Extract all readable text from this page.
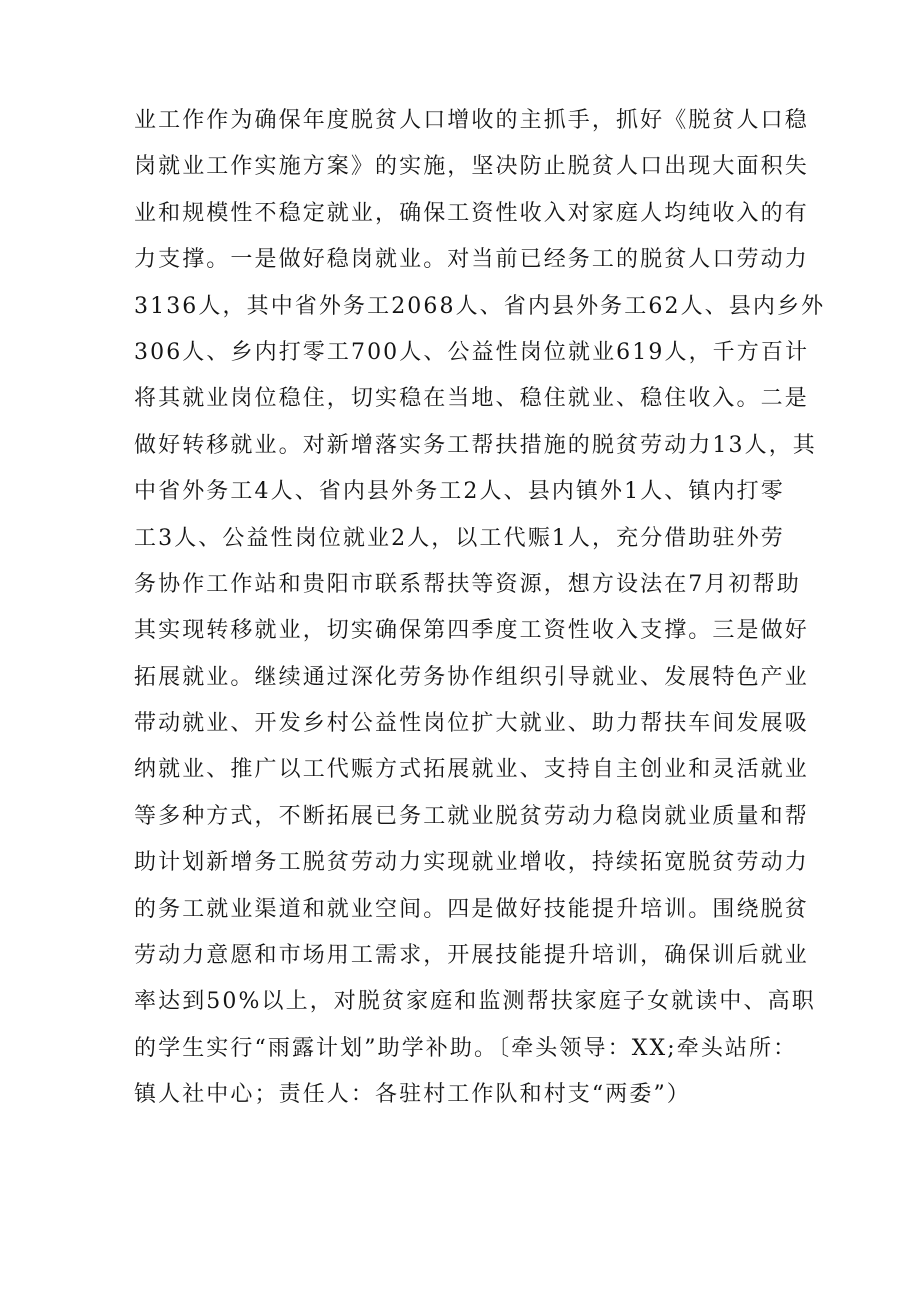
业工作作为确保年度脱贫人口增收的主抓手，抓好《脱贫人口稳
岗就业工作实施方案》的实施，坚决防止脱贫人口出现大面积失
业和规模性不稳定就业，确保工资性收入对家庭人均纯收入的有
力支撑。一是做好稳岗就业。对当前已经务工的脱贫人口劳动力
3136人，其中省外务工2068人、省内县外务工62人、县内乡外
306人、乡内打零工700人、公益性岗位就业619人，千方百计
将其就业岗位稳住，切实稳在当地、稳住就业、稳住收入。二是
做好转移就业。对新增落实务工帮扶措施的脱贫劳动力13人，其
中省外务工4人、省内县外务工2人、县内镇外1人、镇内打零
工3人、公益性岗位就业2人，以工代赈1人，充分借助驻外劳
务协作工作站和贵阳市联系帮扶等资源，想方设法在7月初帮助
其实现转移就业，切实确保第四季度工资性收入支撑。三是做好
拓展就业。继续通过深化劳务协作组织引导就业、发展特色产业
带动就业、开发乡村公益性岗位扩大就业、助力帮扶车间发展吸
纳就业、推广以工代赈方式拓展就业、支持自主创业和灵活就业
等多种方式，不断拓展已务工就业脱贫劳动力稳岗就业质量和帮
助计划新增务工脱贫劳动力实现就业增收，持续拓宽脱贫劳动力
的务工就业渠道和就业空间。四是做好技能提升培训。围绕脱贫
劳动力意愿和市场用工需求，开展技能提升培训，确保训后就业
率达到50%以上，对脱贫家庭和监测帮扶家庭子女就读中、高职
的学生实行“雨露计划”助学补助。〔牵头领导：XX;牵头站所：
镇人社中心；责任人：各驻村工作队和村支“两委”）
